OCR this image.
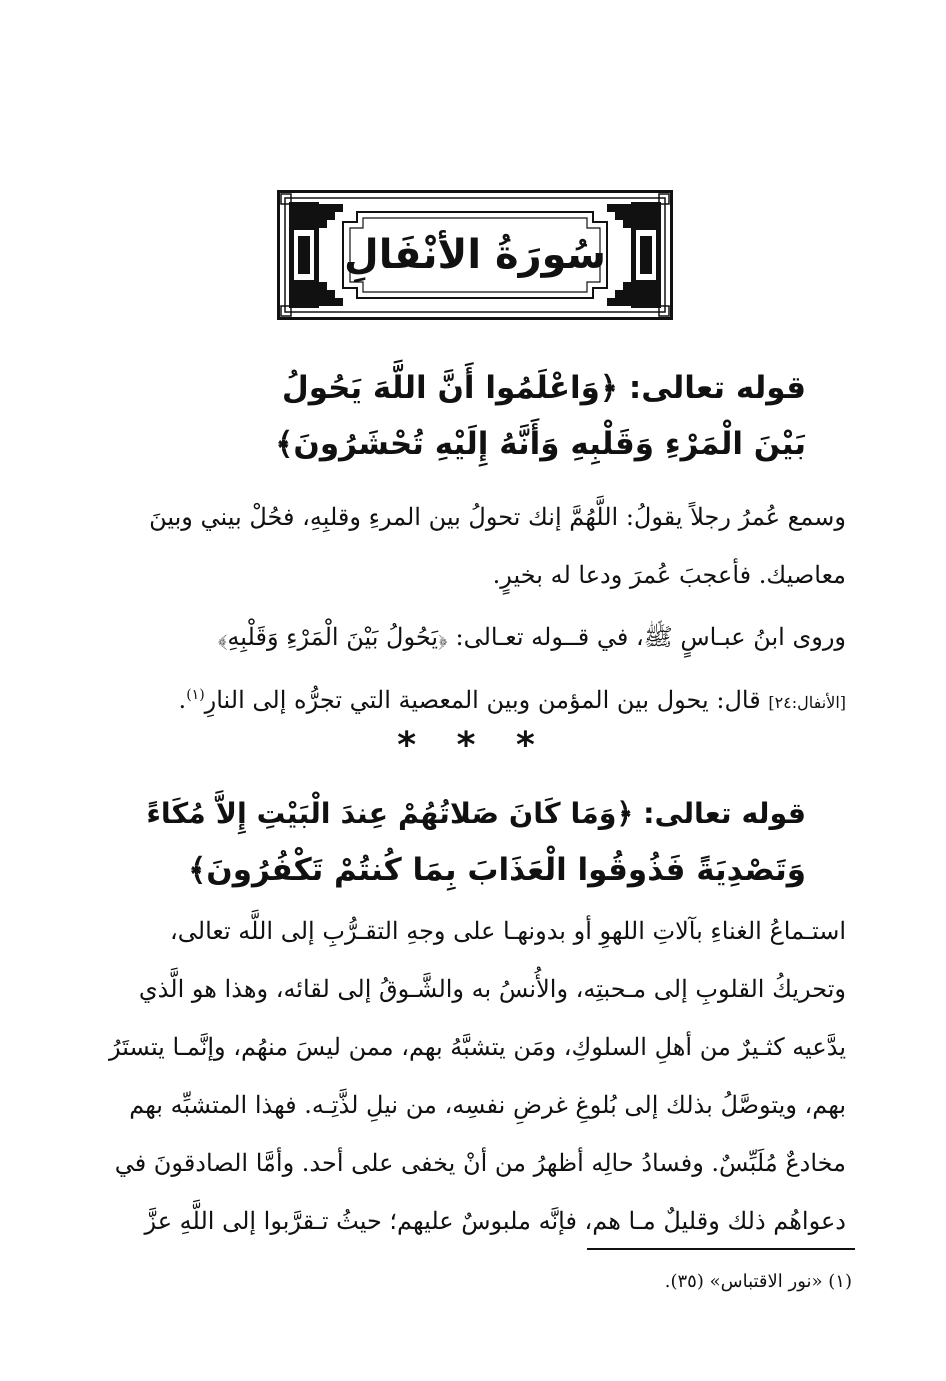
سُورَةُ الأنْفَالِ
قوله تعالى: ﴿وَاعْلَمُوا أَنَّ اللَّهَ يَحُولُ
بَيْنَ الْمَرْءِ وَقَلْبِهِ وَأَنَّهُ إِلَيْهِ تُحْشَرُونَ﴾
وسمع عُمرُ رجلاً يقولُ: اللَّهُمَّ إنك تحولُ بين المرءِ وقلبِهِ، فحُلْ بيني وبينَ
معاصيك. فأعجبَ عُمرَ ودعا له بخيرٍ.
وروى ابنُ عبـاسٍ ﷺ، في قــوله تعـالى: ﴿يَحُولُ بَيْنَ الْمَرْءِ وَقَلْبِهِ﴾
[الأنفال:٢٤] قال: يحول بين المؤمن وبين المعصية التي تجرُّه إلى النارِ$^{(١)}$.
* * *
قوله تعالى: ﴿وَمَا كَانَ صَلاتُهُمْ عِندَ الْبَيْتِ إِلاَّ مُكَاءً
وَتَصْدِيَةً فَذُوقُوا الْعَذَابَ بِمَا كُنتُمْ تَكْفُرُونَ﴾
استـماعُ الغناءِ بآلاتِ اللهوِ أو بدونهـا على وجهِ التقـرُّبِ إلى اللَّه تعالى،
وتحريكُ القلوبِ إلى مـحبتِه، والأُنسُ به والشَّـوقُ إلى لقائه، وهذا هو الَّذي
يدَّعيه كثـيرٌ من أهلِ السلوكِ، ومَن يتشبَّهُ بهم، ممن ليسَ منهُم، وإنَّمـا يتستَرُ
بهم، ويتوصَّلُ بذلك إلى بُلوغِ غرضِ نفسِه، من نيلِ لذَّتِـه. فهذا المتشبِّه بهم
مخادعٌ مُلَبِّسٌ. وفسادُ حالِه أظهرُ من أنْ يخفى على أحد. وأمَّا الصادقونَ في
دعواهُم ذلك وقليلٌ مـا هم، فإنَّه ملبوسٌ عليهم؛ حيثُ تـقرَّبوا إلى اللَّهِ عزَّ
(١) «نور الاقتباس» (٣٥).
